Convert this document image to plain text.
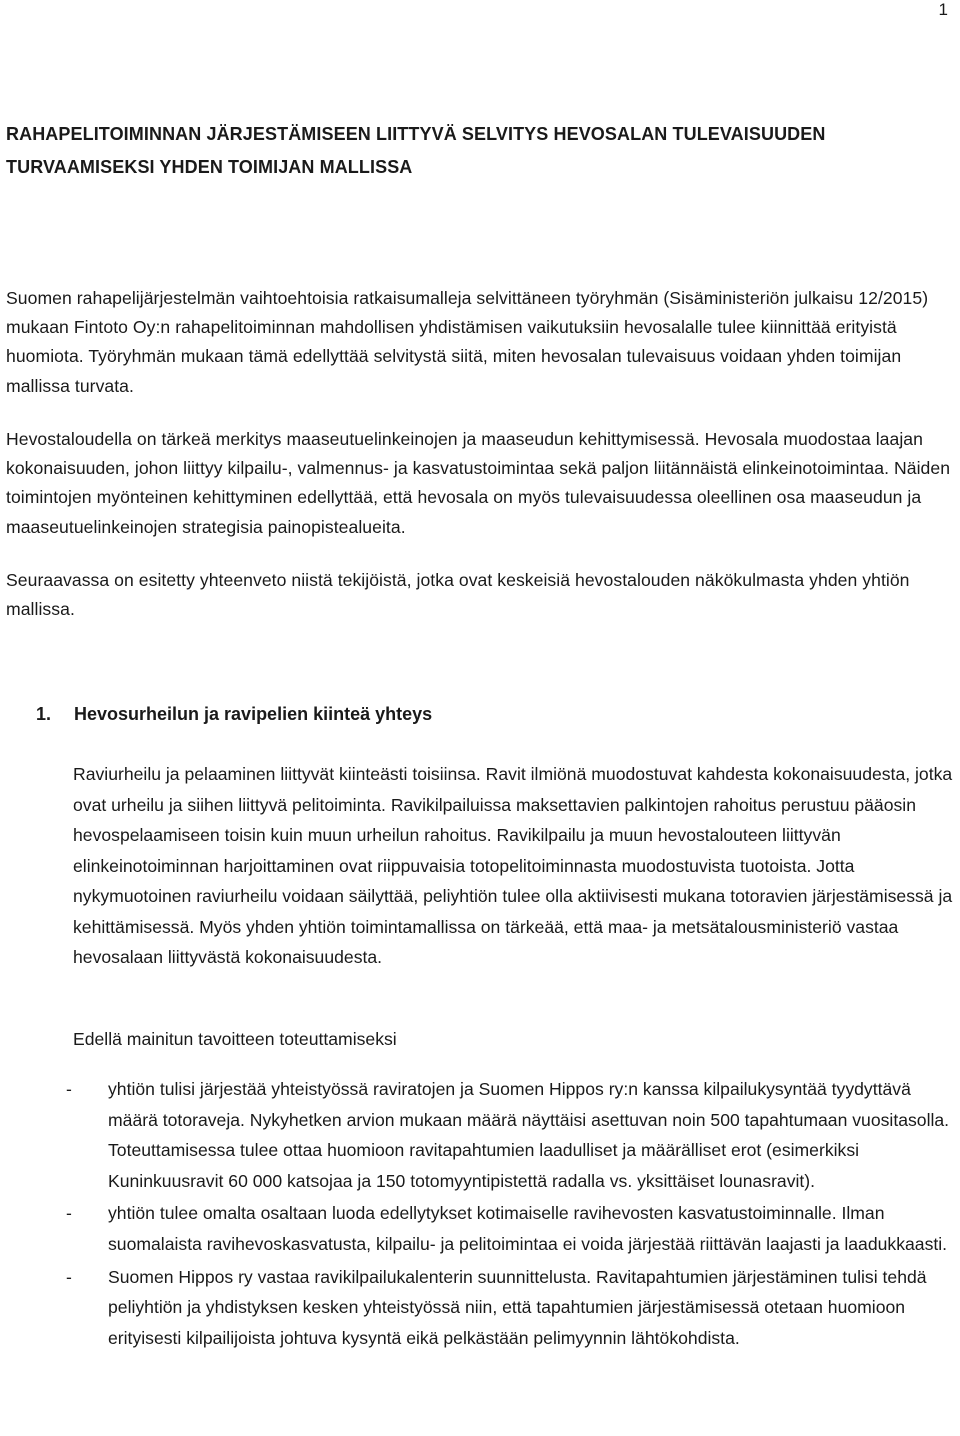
1
RAHAPELITOIMINNAN JÄRJESTÄMISEEN LIITTYVÄ SELVITYS HEVOSALAN TULEVAISUUDEN
TURVAAMISEKSI YHDEN TOIMIJAN MALLISSA

Suomen rahapelijärjestelmän vaihtoehtoisia ratkaisumalleja selvittäneen työryhmän (Sisäministeriön julkaisu 12/2015) mukaan Fintoto Oy:n rahapelitoiminnan mahdollisen yhdistämisen vaikutuksiin hevosalalle tulee kiinnittää erityistä huomiota. Työryhmän mukaan tämä edellyttää selvitystä siitä, miten hevosalan tulevaisuus voidaan yhden toimijan mallissa turvata.

Hevostaloudella on tärkeä merkitys maaseutuelinkeinojen ja maaseudun kehittymisessä. Hevosala muodostaa laajan kokonaisuuden, johon liittyy kilpailu-, valmennus- ja kasvatustoimintaa sekä paljon liitännäistä elinkeinotoimintaa. Näiden toimintojen myönteinen kehittyminen edellyttää, että hevosala on myös tulevaisuudessa oleellinen osa maaseudun ja maaseutuelinkeinojen strategisia painopistealueita.

Seuraavassa on esitetty yhteenveto niistä tekijöistä, jotka ovat keskeisiä hevostalouden näkökulmasta yhden yhtiön mallissa.

1. Hevosurheilun ja ravipelien kiinteä yhteys

Raviurheilu ja pelaaminen liittyvät kiinteästi toisiinsa. Ravit ilmiönä muodostuvat kahdesta kokonaisuudesta, jotka ovat urheilu ja siihen liittyvä pelitoiminta. Ravikilpailuissa maksettavien palkintojen rahoitus perustuu pääosin hevospelaamiseen toisin kuin muun urheilun rahoitus. Ravikilpailu ja muun hevostalouteen liittyvän elinkeinotoiminnan harjoittaminen ovat riippuvaisia totopelitoiminnasta muodostuvista tuotoista. Jotta nykymuotoinen raviurheilu voidaan säilyttää, peliyhtiön tulee olla aktiivisesti mukana totoravien järjestämisessä ja kehittämisessä. Myös yhden yhtiön toimintamallissa on tärkeää, että maa- ja metsätalousministeriö vastaa hevosalaan liittyvästä kokonaisuudesta.

Edellä mainitun tavoitteen toteuttamiseksi

- yhtiön tulisi järjestää yhteistyössä raviratojen ja Suomen Hippos ry:n kanssa kilpailukysyntää tyydyttävä määrä totoraveja. Nykyhetken arvion mukaan määrä näyttäisi asettuvan noin 500 tapahtumaan vuositasolla. Toteuttamisessa tulee ottaa huomioon ravitapahtumien laadulliset ja määrälliset erot (esimerkiksi Kuninkuusravit 60 000 katsojaa ja 150 totomyyntipistettä radalla vs. yksittäiset lounasravit).
- yhtiön tulee omalta osaltaan luoda edellytykset kotimaiselle ravihevosten kasvatustoiminnalle. Ilman suomalaista ravihevoskasvatusta, kilpailu- ja pelitoimintaa ei voida järjestää riittävän laajasti ja laadukkaasti.
- Suomen Hippos ry vastaa ravikilpailukalenterin suunnittelusta. Ravitapahtumien järjestäminen tulisi tehdä peliyhtiön ja yhdistyksen kesken yhteistyössä niin, että tapahtumien järjestämisessä otetaan huomioon erityisesti kilpailijoista johtuva kysyntä eikä pelkästään pelimyynnin lähtökohdista.
